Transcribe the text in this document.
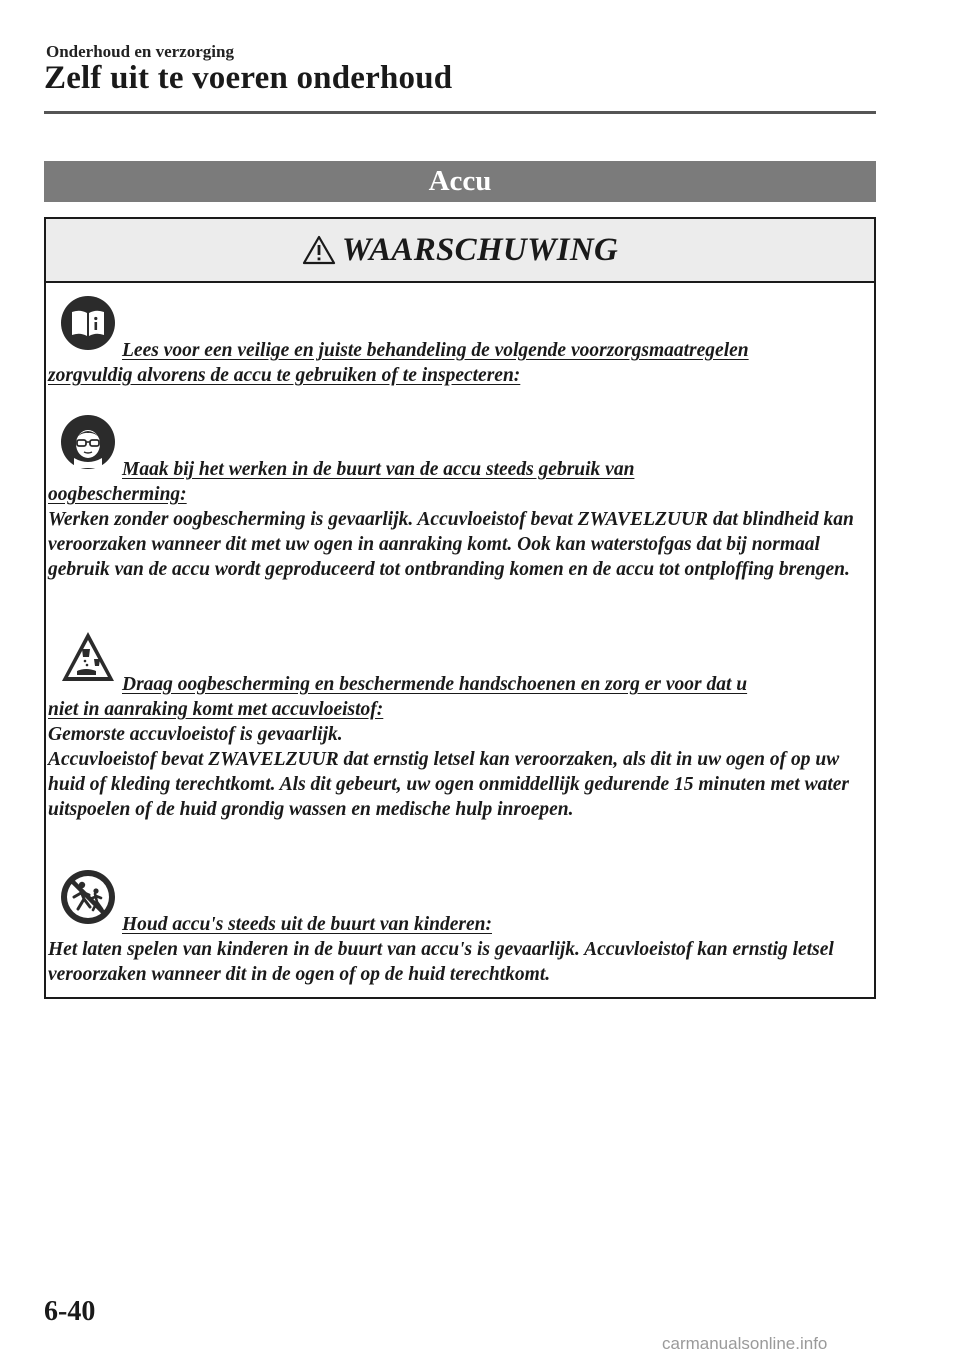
Onderhoud en verzorging
Zelf uit te voeren onderhoud
Accu
WAARSCHUWING
Lees voor een veilige en juiste behandeling de volgende voorzorgsmaatregelen
zorgvuldig alvorens de accu te gebruiken of te inspecteren:
Maak bij het werken in de buurt van de accu steeds gebruik van
oogbescherming:
Werken zonder oogbescherming is gevaarlijk. Accuvloeistof bevat ZWAVELZUUR dat blindheid kan veroorzaken wanneer dit met uw ogen in aanraking komt. Ook kan waterstofgas dat bij normaal gebruik van de accu wordt geproduceerd tot ontbranding komen en de accu tot ontploffing brengen.
Draag oogbescherming en beschermende handschoenen en zorg er voor dat u
niet in aanraking komt met accuvloeistof:
Gemorste accuvloeistof is gevaarlijk.
Accuvloeistof bevat ZWAVELZUUR dat ernstig letsel kan veroorzaken, als dit in uw ogen of op uw huid of kleding terechtkomt. Als dit gebeurt, uw ogen onmiddellijk gedurende 15 minuten met water uitspoelen of de huid grondig wassen en medische hulp inroepen.
Houd accu's steeds uit de buurt van kinderen:
Het laten spelen van kinderen in de buurt van accu's is gevaarlijk. Accuvloeistof kan ernstig letsel veroorzaken wanneer dit in de ogen of op de huid terechtkomt.
6-40
carmanualsonline.info
